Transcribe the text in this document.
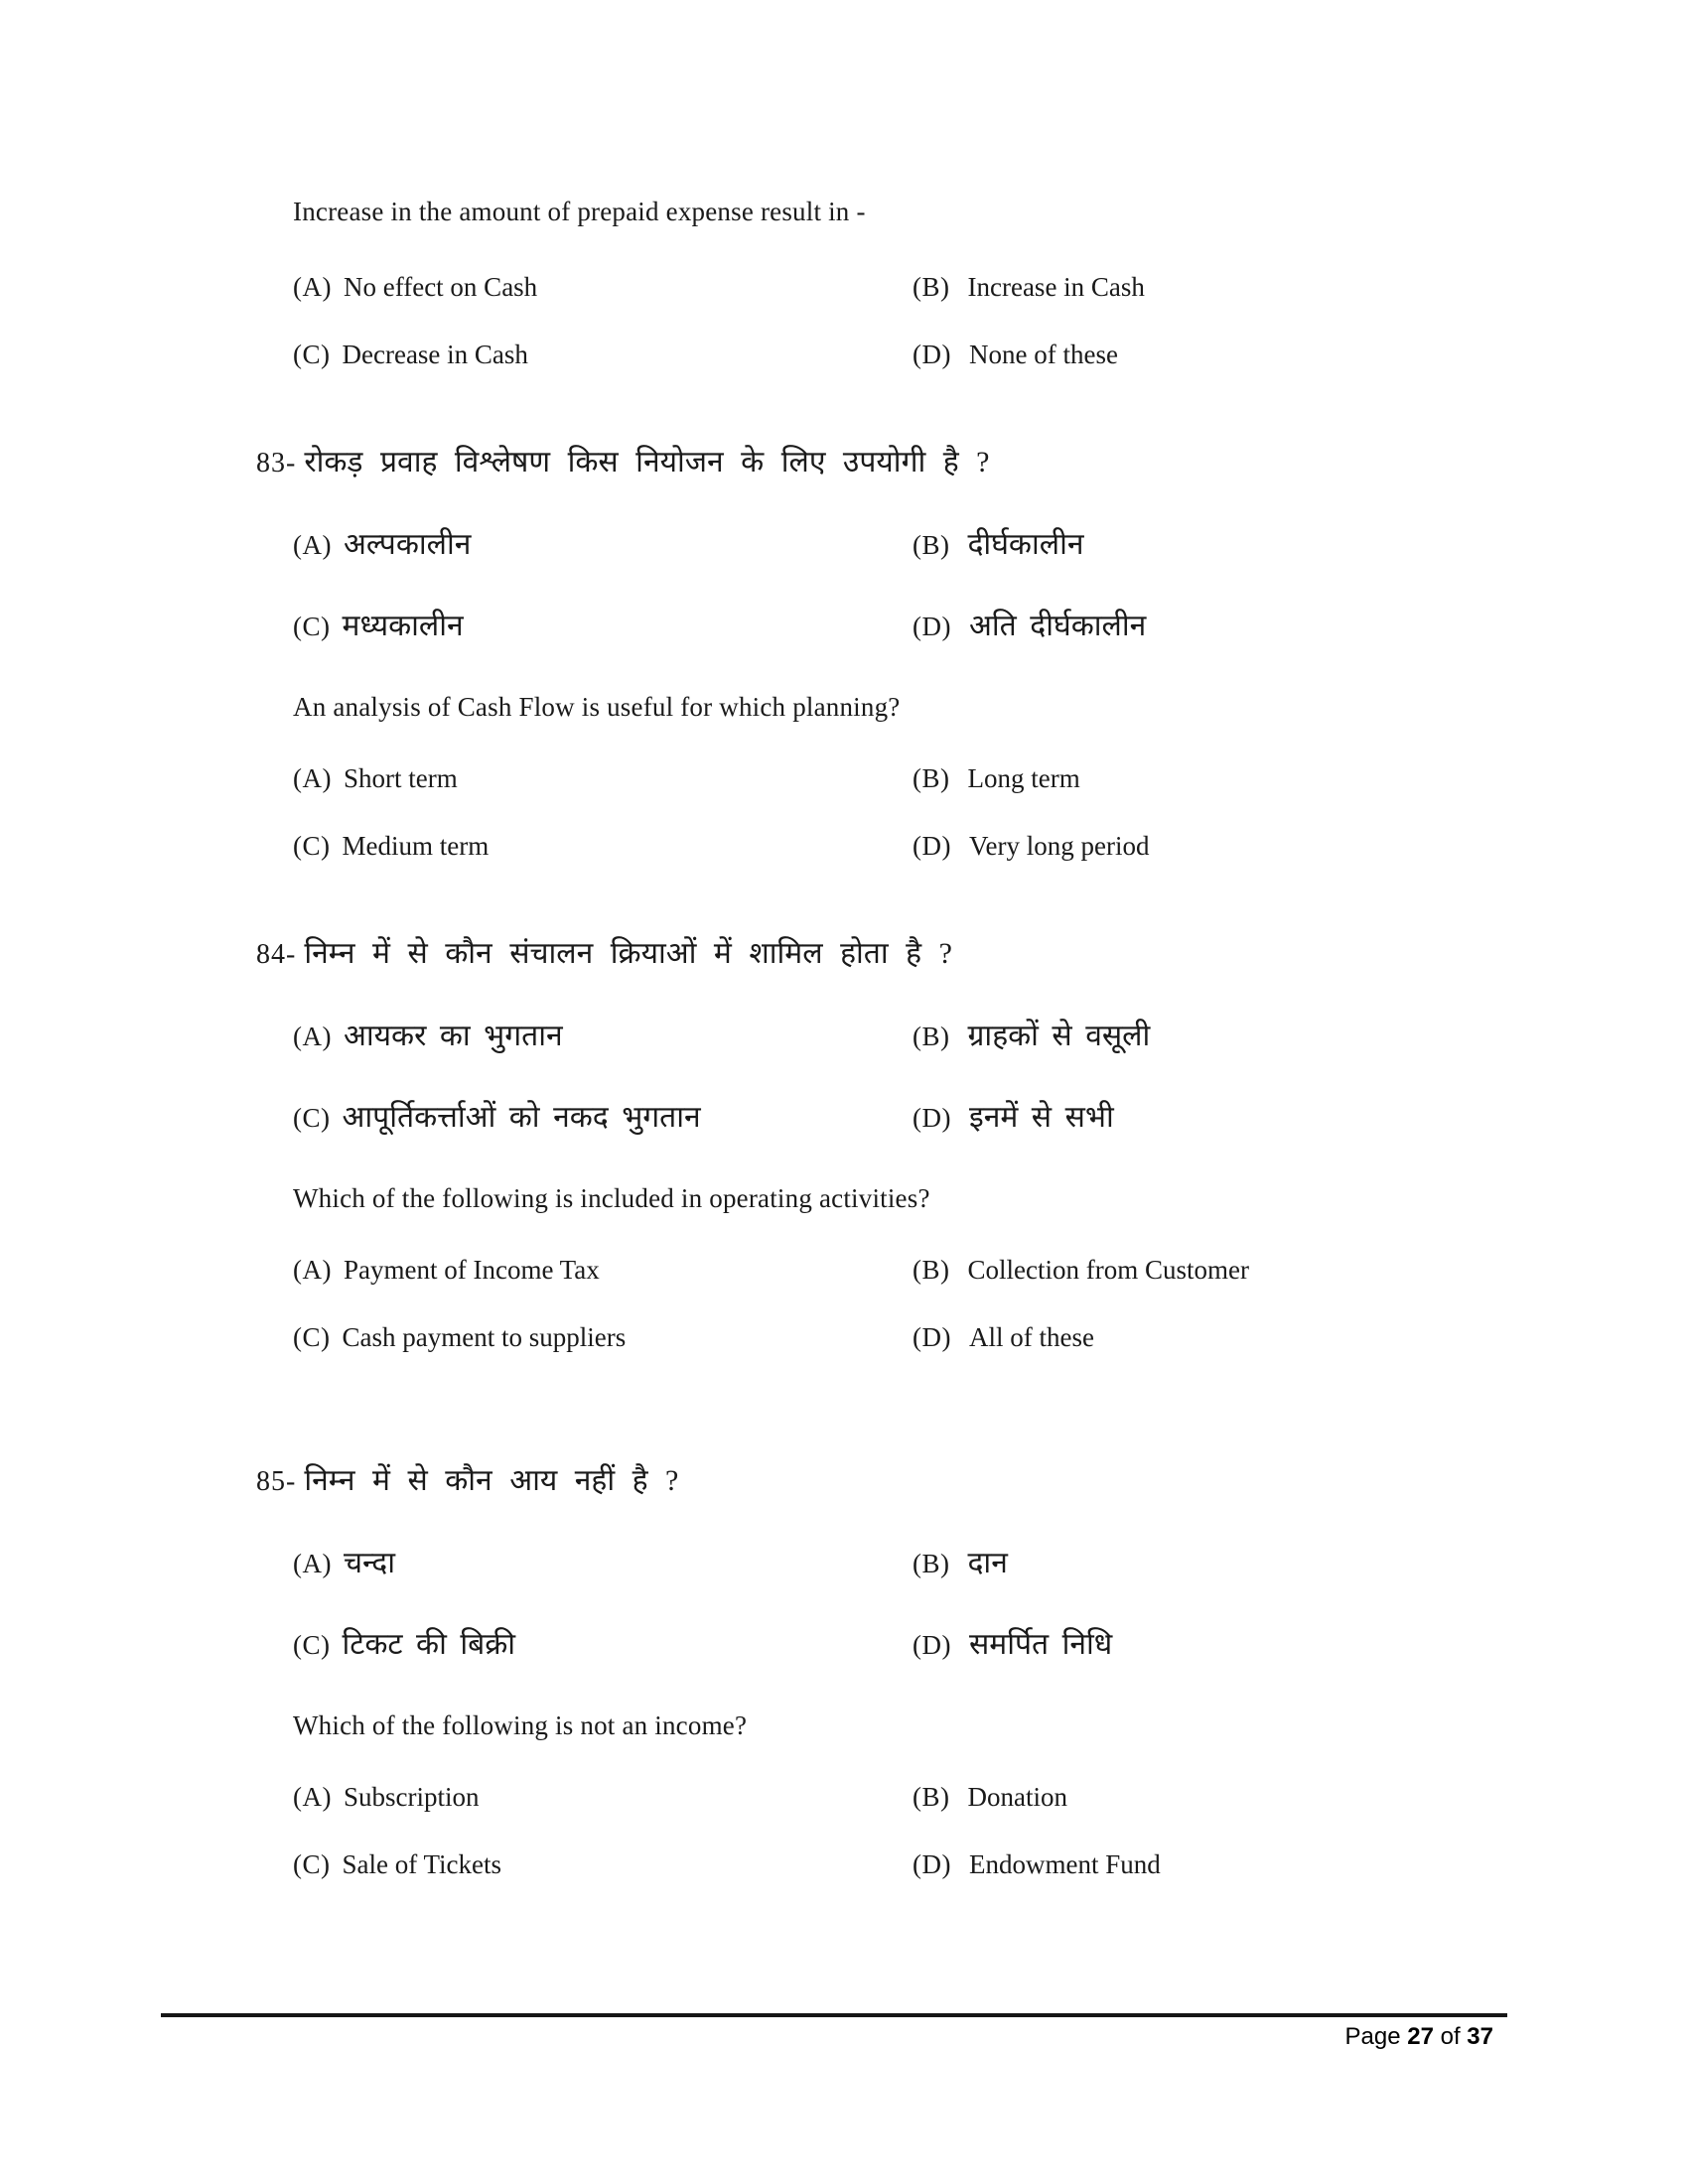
Increase in the amount of prepaid expense result in -
(A) No effect on Cash	(B) Increase in Cash
(C) Decrease in Cash	(D) None of these
83- रोकड़ प्रवाह विश्लेषण किस नियोजन के लिए उपयोगी है ?
(A) अल्पकालीन	(B) दीर्घकालीन
(C) मध्यकालीन	(D) अति दीर्घकालीन
An analysis of Cash Flow is useful for which planning?
(A) Short term	(B) Long term
(C) Medium term	(D) Very long period
84- निम्न में से कौन संचालन क्रियाओं में शामिल होता है ?
(A) आयकर का भुगतान	(B) ग्राहकों से वसूली
(C) आपूर्तिकर्त्ताओं को नकद भुगतान	(D) इनमें से सभी
Which of the following is included in operating activities?
(A) Payment of Income Tax	(B) Collection from Customer
(C) Cash payment to suppliers	(D) All of these
85- निम्न में से कौन आय नहीं है ?
(A) चन्दा	(B) दान
(C) टिकट की बिक्री	(D) समर्पित निधि
Which of the following is not an income?
(A) Subscription	(B) Donation
(C) Sale of Tickets	(D) Endowment Fund
Page 27 of 37
